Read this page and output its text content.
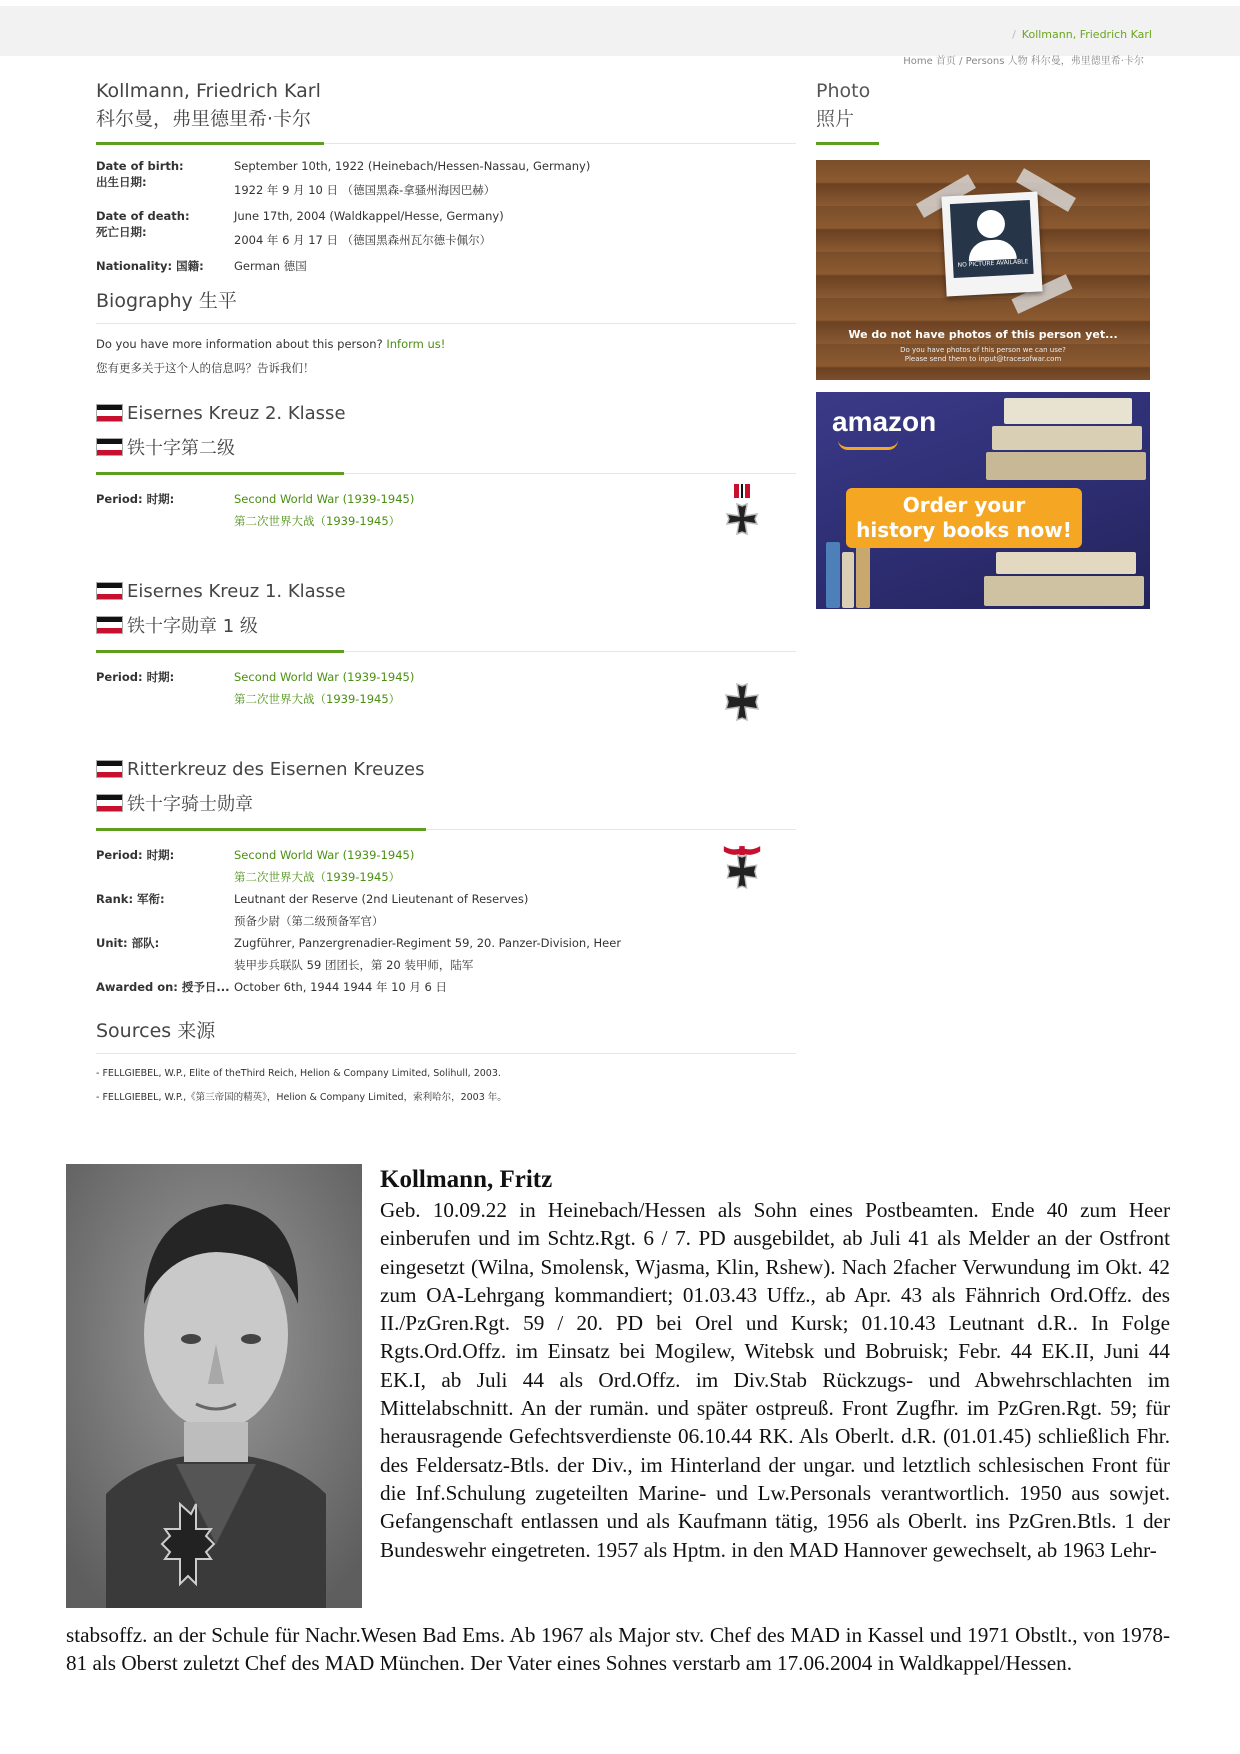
/ Kollmann, Friedrich Karl
Home 首页 / Persons 人物 科尔曼，弗里德里希·卡尔
Kollmann, Friedrich Karl
科尔曼，弗里德里希·卡尔
Date of birth:
出生日期:
September 10th, 1922 (Heinebach/Hessen-Nassau, Germany)
1922 年 9 月 10 日 （德国黑森-拿骚州海因巴赫）
Date of death:
死亡日期:
June 17th, 2004 (Waldkappel/Hesse, Germany)
2004 年 6 月 17 日 （德国黑森州瓦尔德卡佩尔）
Nationality: 国籍:	German 德国
Biography 生平
Do you have more information about this person? Inform us!
您有更多关于这个人的信息吗？告诉我们！
Eisernes Kreuz 2. Klasse
铁十字第二级
Period: 时期:	Second World War (1939-1945)
第二次世界大战（1939-1945）
Eisernes Kreuz 1. Klasse
铁十字勋章 1 级
Period: 时期:	Second World War (1939-1945)
第二次世界大战（1939-1945）
Ritterkreuz des Eisernen Kreuzes
铁十字骑士勋章
Period: 时期:	Second World War (1939-1945)
第二次世界大战（1939-1945）
Rank: 军衔:	Leutnant der Reserve (2nd Lieutenant of Reserves)
预备少尉（第二级预备军官）
Unit: 部队:	Zugführer, Panzergrenadier-Regiment 59, 20. Panzer-Division, Heer
装甲步兵联队 59 团团长，第 20 装甲师，陆军
Awarded on: 授予日... October 6th, 1944 1944 年 10 月 6 日
Sources 来源
- FELLGIEBEL, W.P., Elite of theThird Reich, Helion & Company Limited, Solihull, 2003.
- FELLGIEBEL, W.P.,《第三帝国的精英》，Helion & Company Limited，索利哈尔，2003 年。
Photo
照片
NO PICTURE AVAILABLE
We do not have photos of this person yet...
Do you have photos of this person we can use?
Please send them to input@tracesofwar.com
amazon
Order your
history books now!
Kollmann, Fritz
Geb. 10.09.22 in Heinebach/Hessen als Sohn eines Postbeamten. Ende 40 zum Heer einberufen und im Schtz.Rgt. 6 / 7. PD ausgebildet, ab Juli 41 als Melder an der Ostfront eingesetzt (Wilna, Smolensk, Wjasma, Klin, Rshew). Nach 2facher Verwundung im Okt. 42 zum OA-Lehrgang kommandiert; 01.03.43 Uffz., ab Apr. 43 als Fähnrich Ord.Offz. des II./PzGren.Rgt. 59 / 20. PD bei Orel und Kursk; 01.10.43 Leutnant d.R.. In Folge Rgts.Ord.Offz. im Einsatz bei Mogilew, Witebsk und Bobruisk; Febr. 44 EK.II, Juni 44 EK.I, ab Juli 44 als Ord.Offz. im Div.Stab Rückzugs- und Abwehrschlachten im Mittelabschnitt. An der rumän. und später ostpreuß. Front Zugfhr. im PzGren.Rgt. 59; für herausragende Gefechtsverdienste 06.10.44 RK. Als Oberlt. d.R. (01.01.45) schließlich Fhr. des Feldersatz-Btls. der Div., im Hinterland der ungar. und letztlich schlesischen Front für die Inf.Schulung zugeteilten Marine- und Lw.Personals verantwortlich. 1950 aus sowjet. Gefangenschaft entlassen und als Kaufmann tätig, 1956 als Oberlt. ins PzGren.Btls. 1 der Bundeswehr eingetreten. 1957 als Hptm. in den MAD Hannover gewechselt, ab 1963 Lehr-
stabsoffz. an der Schule für Nachr.Wesen Bad Ems. Ab 1967 als Major stv. Chef des MAD in Kassel und 1971 Obstlt., von 1978-81 als Oberst zuletzt Chef des MAD München. Der Vater eines Sohnes verstarb am 17.06.2004 in Waldkappel/Hessen.
